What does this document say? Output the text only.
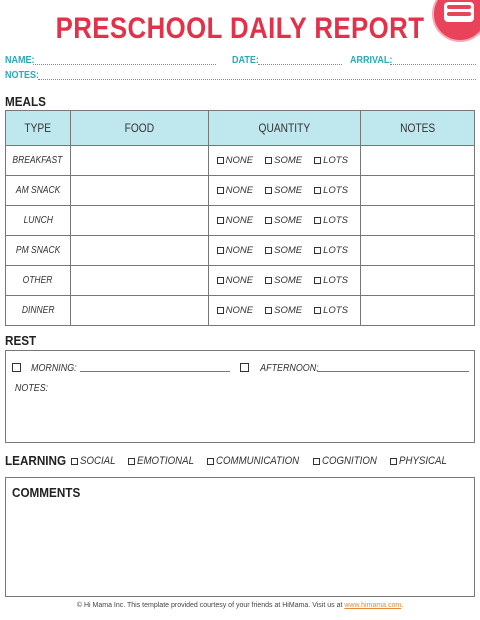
PRESCHOOL DAILY REPORT
NAME:	DATE:	ARRIVAL:
NOTES:
MEALS
TYPE	FOOD	QUANTITY	NOTES
BREAKFAST		NONE SOME LOTS	
AM SNACK		NONE SOME LOTS	
LUNCH		NONE SOME LOTS	
PM SNACK		NONE SOME LOTS	
OTHER		NONE SOME LOTS	
DINNER		NONE SOME LOTS	
REST
MORNING:	AFTERNOON:
NOTES:
LEARNING	SOCIAL	EMOTIONAL	COMMUNICATION	COGNITION	PHYSICAL
COMMENTS
© Hi Mama Inc. This template provided courtesy of your friends at HiMama. Visit us at www.himama.com.
